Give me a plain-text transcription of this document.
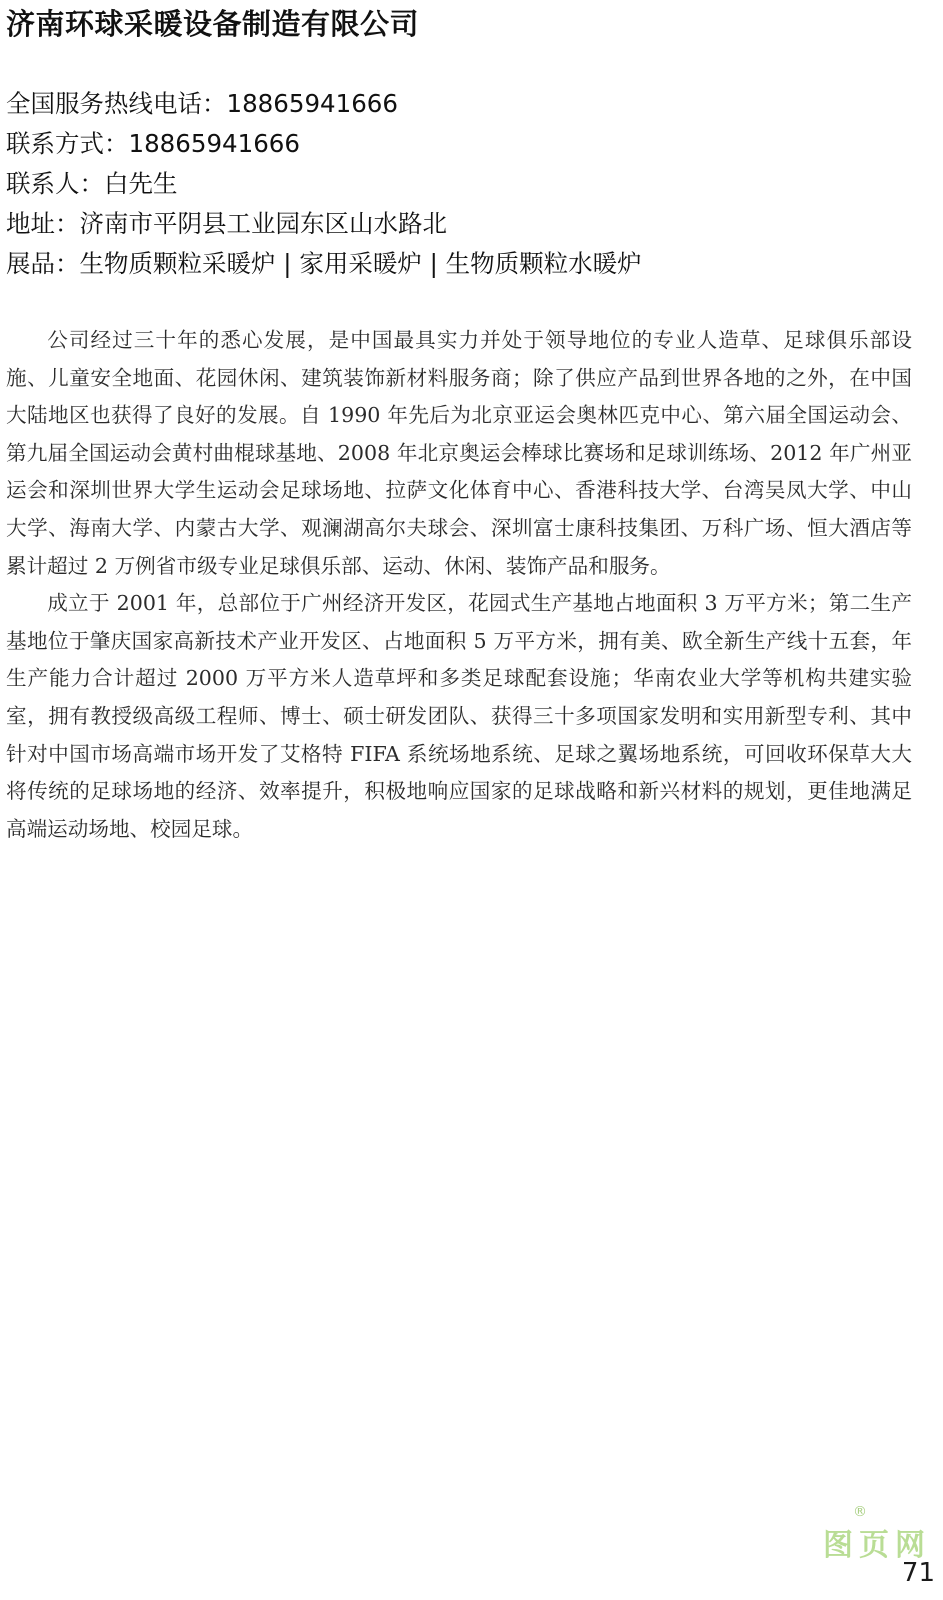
济南环球采暖设备制造有限公司
全国服务热线电话：18865941666
联系方式：18865941666
联系人：白先生
地址：济南市平阴县工业园东区山水路北
展品：生物质颗粒采暖炉 | 家用采暖炉 | 生物质颗粒水暖炉

公司经过三十年的悉心发展，是中国最具实力并处于领导地位的专业人造草、足球俱乐部设施、儿童安全地面、花园休闲、建筑装饰新材料服务商；除了供应产品到世界各地的之外，在中国大陆地区也获得了良好的发展。自 1990 年先后为北京亚运会奥林匹克中心、第六届全国运动会、第九届全国运动会黄村曲棍球基地、2008 年北京奥运会棒球比赛场和足球训练场、2012 年广州亚运会和深圳世界大学生运动会足球场地、拉萨文化体育中心、香港科技大学、台湾吴凤大学、中山大学、海南大学、内蒙古大学、观澜湖高尔夫球会、深圳富士康科技集团、万科广场、恒大酒店等累计超过 2 万例省市级专业足球俱乐部、运动、休闲、装饰产品和服务。

成立于 2001 年，总部位于广州经济开发区，花园式生产基地占地面积 3 万平方米；第二生产基地位于肇庆国家高新技术产业开发区、占地面积 5 万平方米，拥有美、欧全新生产线十五套，年生产能力合计超过 2000 万平方米人造草坪和多类足球配套设施；华南农业大学等机构共建实验室，拥有教授级高级工程师、博士、硕士研发团队、获得三十多项国家发明和实用新型专利、其中针对中国市场高端市场开发了艾格特 FIFA 系统场地系统、足球之翼场地系统，可回收环保草大大将传统的足球场地的经济、效率提升，积极地响应国家的足球战略和新兴材料的规划，更佳地满足高端运动场地、校园足球。

图页网
®
71
